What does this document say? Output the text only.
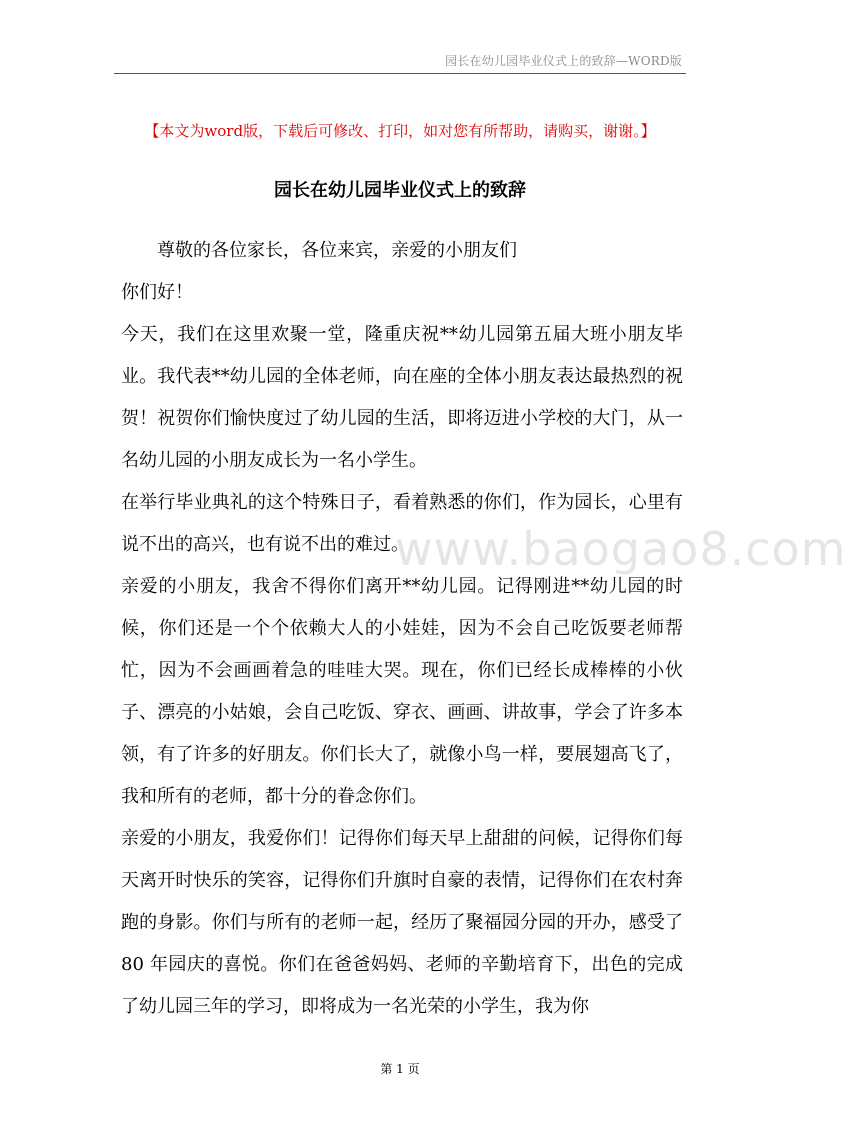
园长在幼儿园毕业仪式上的致辞—WORD版
【本文为word版，下载后可修改、打印，如对您有所帮助，请购买，谢谢。】
园长在幼儿园毕业仪式上的致辞

尊敬的各位家长，各位来宾，亲爱的小朋友们

你们好！

今天，我们在这里欢聚一堂，隆重庆祝**幼儿园第五届大班小朋友毕业。我代表**幼儿园的全体老师，向在座的全体小朋友表达最热烈的祝贺！祝贺你们愉快度过了幼儿园的生活，即将迈进小学校的大门，从一名幼儿园的小朋友成长为一名小学生。

在举行毕业典礼的这个特殊日子，看着熟悉的你们，作为园长，心里有说不出的高兴，也有说不出的难过。

亲爱的小朋友，我舍不得你们离开**幼儿园。记得刚进**幼儿园的时候，你们还是一个个依赖大人的小娃娃，因为不会自己吃饭要老师帮忙，因为不会画画着急的哇哇大哭。现在，你们已经长成棒棒的小伙子、漂亮的小姑娘，会自己吃饭、穿衣、画画、讲故事，学会了许多本领，有了许多的好朋友。你们长大了，就像小鸟一样，要展翅高飞了，我和所有的老师，都十分的眷念你们。

亲爱的小朋友，我爱你们！记得你们每天早上甜甜的问候，记得你们每天离开时快乐的笑容，记得你们升旗时自豪的表情，记得你们在农村奔跑的身影。你们与所有的老师一起，经历了聚福园分园的开办，感受了 80 年园庆的喜悦。你们在爸爸妈妈、老师的辛勤培育下，出色的完成了幼儿园三年的学习，即将成为一名光荣的小学生，我为你

www.baogao8.com
第 1 页
